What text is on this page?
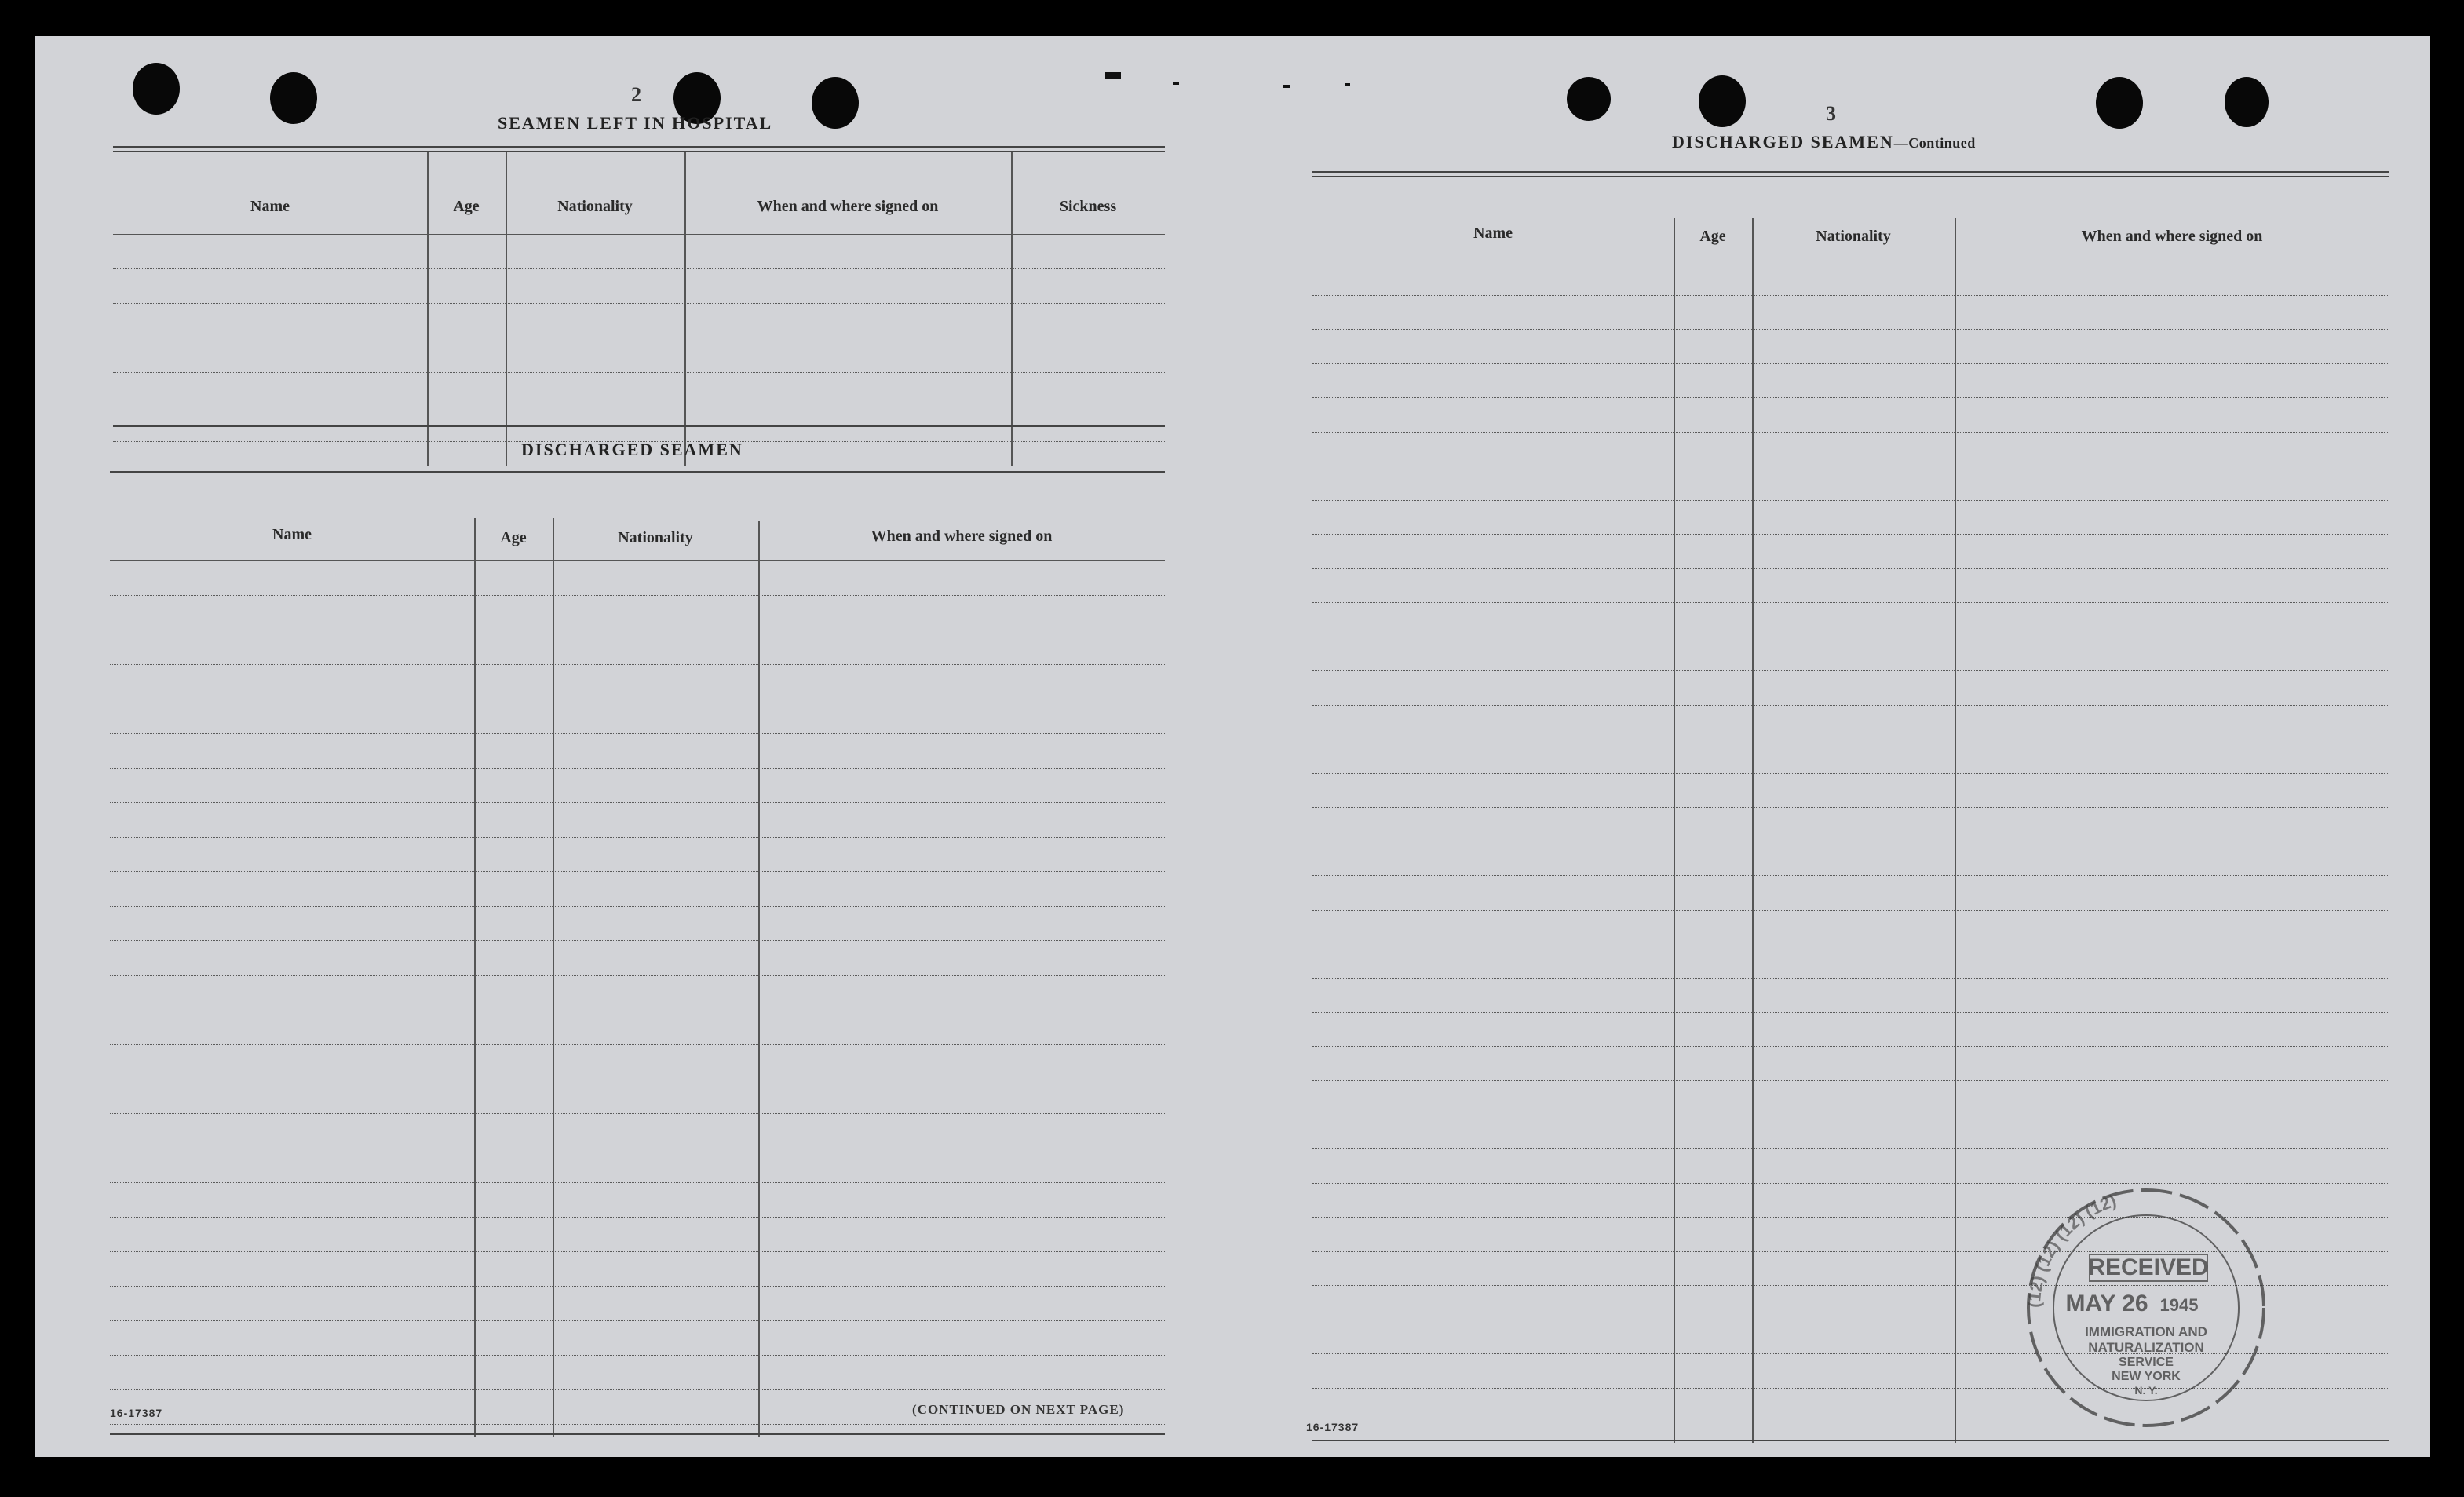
2
SEAMEN LEFT IN HOSPITAL
Name	Age	Nationality	When and where signed on	Sickness
DISCHARGED SEAMEN
Name	Age	Nationality	When and where signed on
16-17387	(CONTINUED ON NEXT PAGE)
3
DISCHARGED SEAMEN—Continued
Name	Age	Nationality	When and where signed on
16-17387
RECEIVED
MAY 26 1945
IMMIGRATION AND
NATURALIZATION
SERVICE
NEW YORK
N. Y.
(12) (12) (12) (12)
